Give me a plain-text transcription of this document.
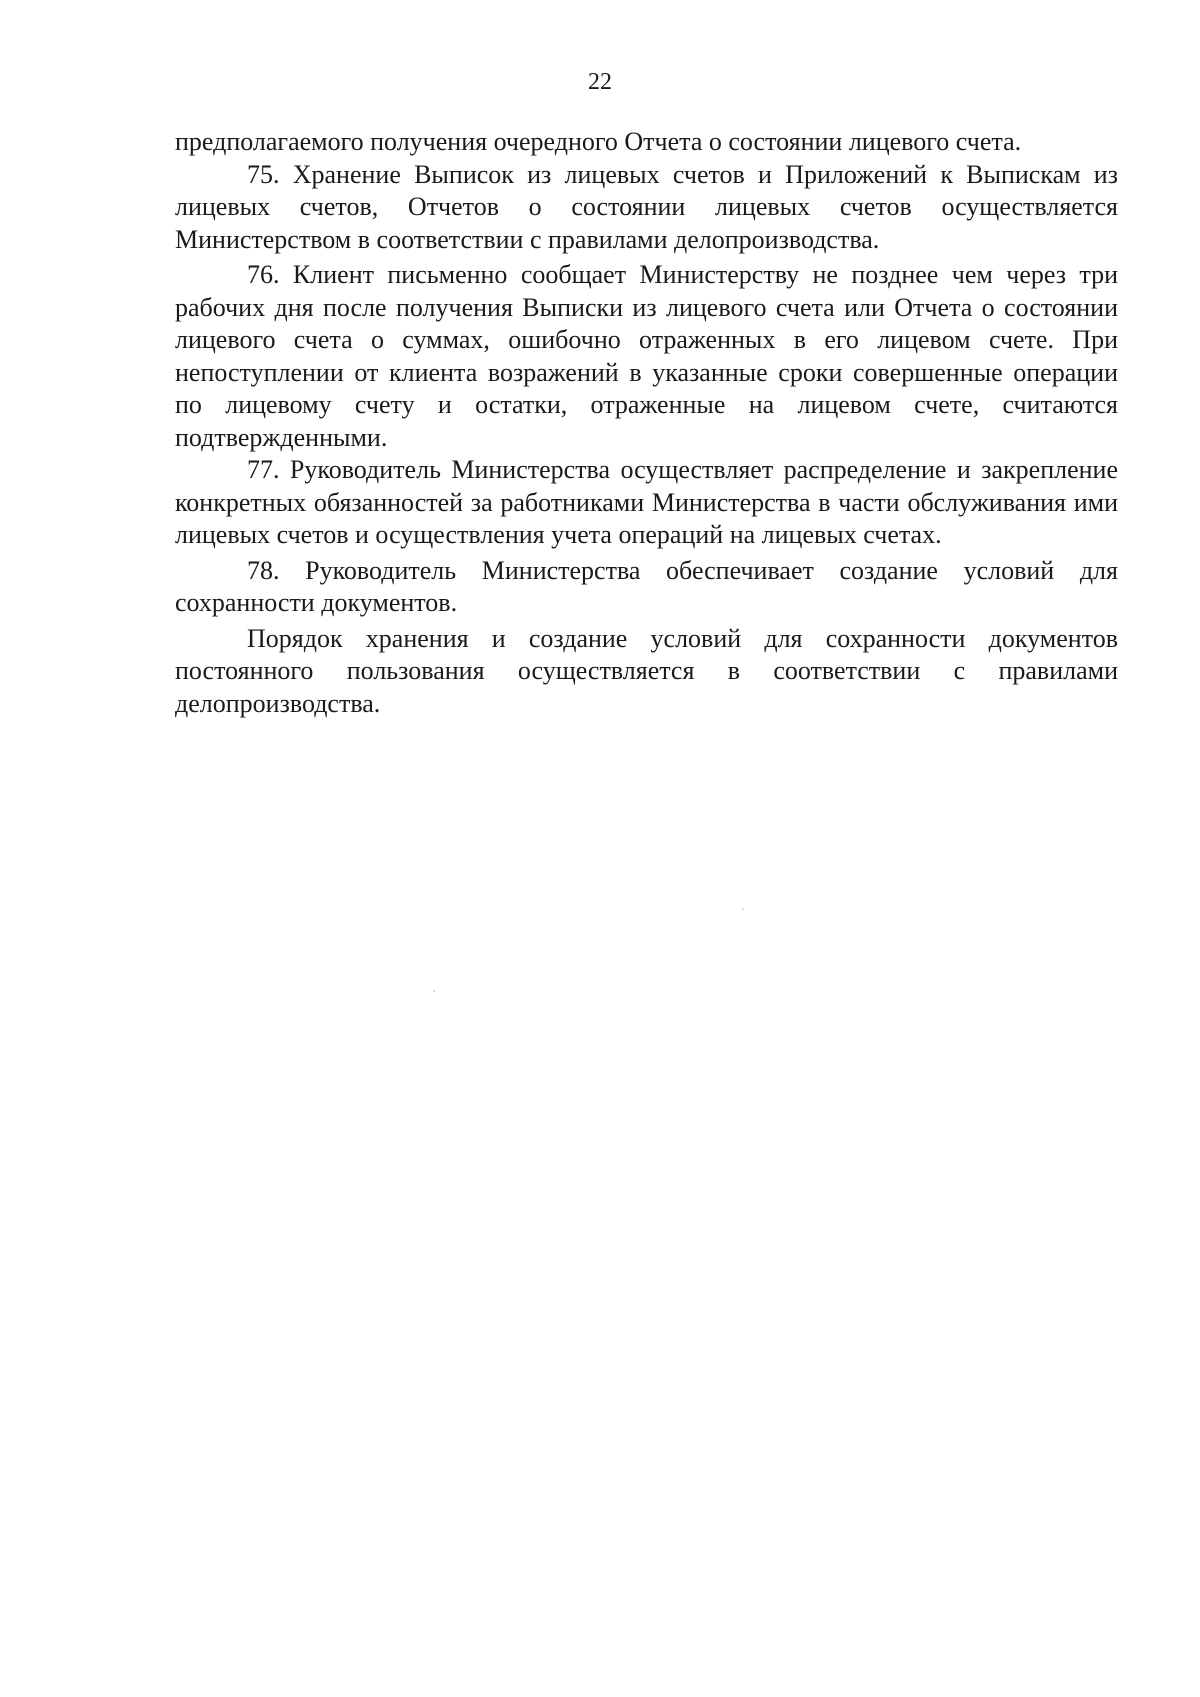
22

предполагаемого получения очередного Отчета о состоянии лицевого счета.

75. Хранение Выписок из лицевых счетов и Приложений к Выпискам из лицевых счетов, Отчетов о состоянии лицевых счетов осуществляется Министерством в соответствии с правилами делопроизводства.

76. Клиент письменно сообщает Министерству не позднее чем через три рабочих дня после получения Выписки из лицевого счета или Отчета о состоянии лицевого счета о суммах, ошибочно отраженных в его лицевом счете. При непоступлении от клиента возражений в указанные сроки совершенные операции по лицевому счету и остатки, отраженные на лицевом счете, считаются подтвержденными.

77. Руководитель Министерства осуществляет распределение и закрепление конкретных обязанностей за работниками Министерства в части обслуживания ими лицевых счетов и осуществления учета операций на лицевых счетах.

78. Руководитель Министерства обеспечивает создание условий для сохранности документов.

Порядок хранения и создание условий для сохранности документов постоянного пользования осуществляется в соответствии с правилами делопроизводства.
